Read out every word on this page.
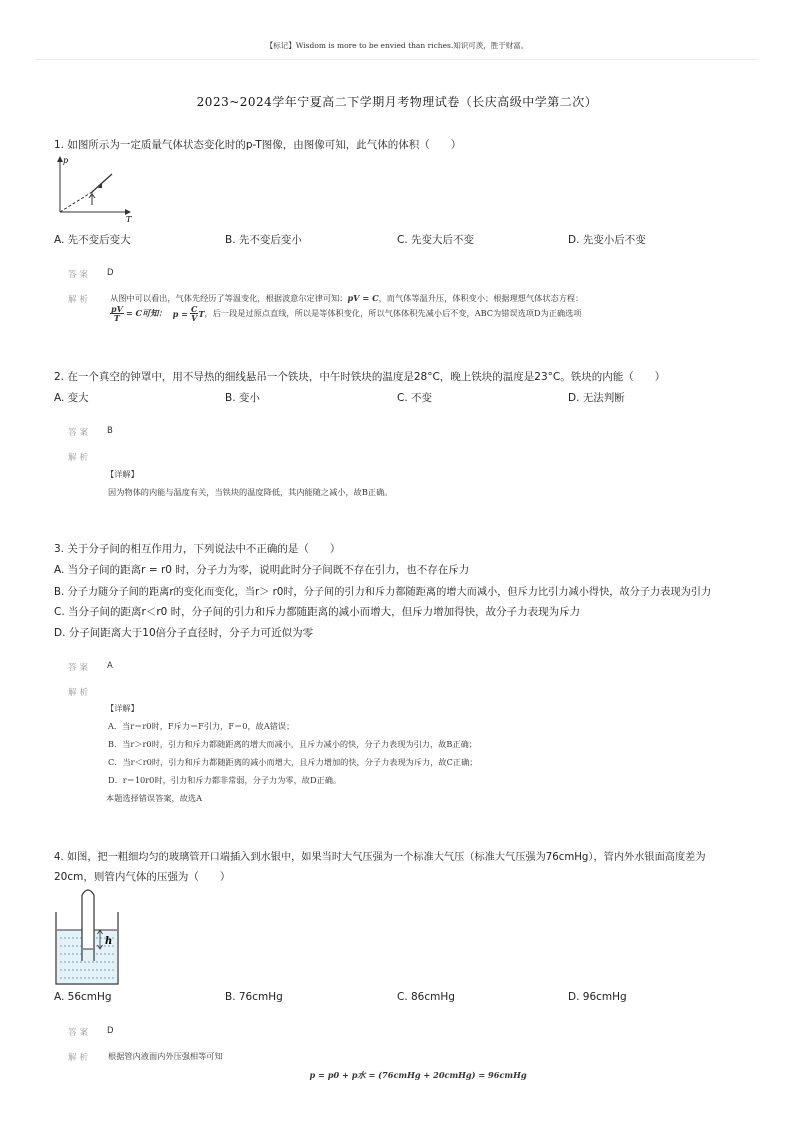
【标记】Wisdom is more to be envied than riches.知识可羡，胜于财富。
2023~2024学年宁夏高二下学期月考物理试卷（长庆高级中学第二次）
1. 如图所示为一定质量气体状态变化时的p-T图像，由图像可知，此气体的体积（　　）
p
T
A. 先不变后变大	B. 先不变后变小	C. 先变大后不变	D. 先变小后不变
答案 D
解析 从图中可以看出，气体先经历了等温变化，根据波意尔定律可知：pV = C，而气体等温升压，体积变小；根据理想气体状态方程：
$\frac{pV}{T} = C$可知： $p = \frac{C}{V}$ T ，后一段是过原点直线，所以是等体积变化，所以气体体积先减小后不变，ABC为错误选项D为正确选项
2. 在一个真空的钟罩中，用不导热的细线悬吊一个铁块，中午时铁块的温度是28°C，晚上铁块的温度是23°C。铁块的内能（　　）
A. 变大	B. 变小	C. 不变	D. 无法判断
答案 B
解析
【详解】
因为物体的内能与温度有关，当铁块的温度降低，其内能随之减小，故B正确。
3. 关于分子间的相互作用力，下列说法中不正确的是（　　）
A. 当分子间的距离r = r0 时，分子力为零，说明此时分子间既不存在引力，也不存在斥力
B. 分子力随分子间的距离r的变化而变化，当r＞ r0时，分子间的引力和斥力都随距离的增大而减小，但斥力比引力减小得快，故分子力表现为引力
C. 当分子间的距离r＜r0 时，分子间的引力和斥力都随距离的减小而增大，但斥力增加得快，故分子力表现为斥力
D. 分子间距离大于10倍分子直径时，分子力可近似为零
答案 A
解析
【详解】
A．当r＝r0时，F斥力＝F引力，F＝0，故A错误；
B．当r＞r0时，引力和斥力都随距离的增大而减小，且斥力减小的快，分子力表现为引力，故B正确；
C．当r＜r0时，引力和斥力都随距离的减小而增大，且斥力增加的快，分子力表现为斥力，故C正确；
D．r＝10r0时，引力和斥力都非常弱，分子力为零，故D正确。
本题选择错误答案，故选A
4. 如图，把一粗细均匀的玻璃管开口端插入到水银中，如果当时大气压强为一个标准大气压（标准大气压强为76cmHg），管内外水银面高度差为
20cm，则管内气体的压强为（　　）
h
A. 56cmHg	B. 76cmHg	C. 86cmHg	D. 96cmHg
答案 D
解析 根据管内液面内外压强相等可知
p = p0 + p水 = (76cmHg + 20cmHg) = 96cmHg
